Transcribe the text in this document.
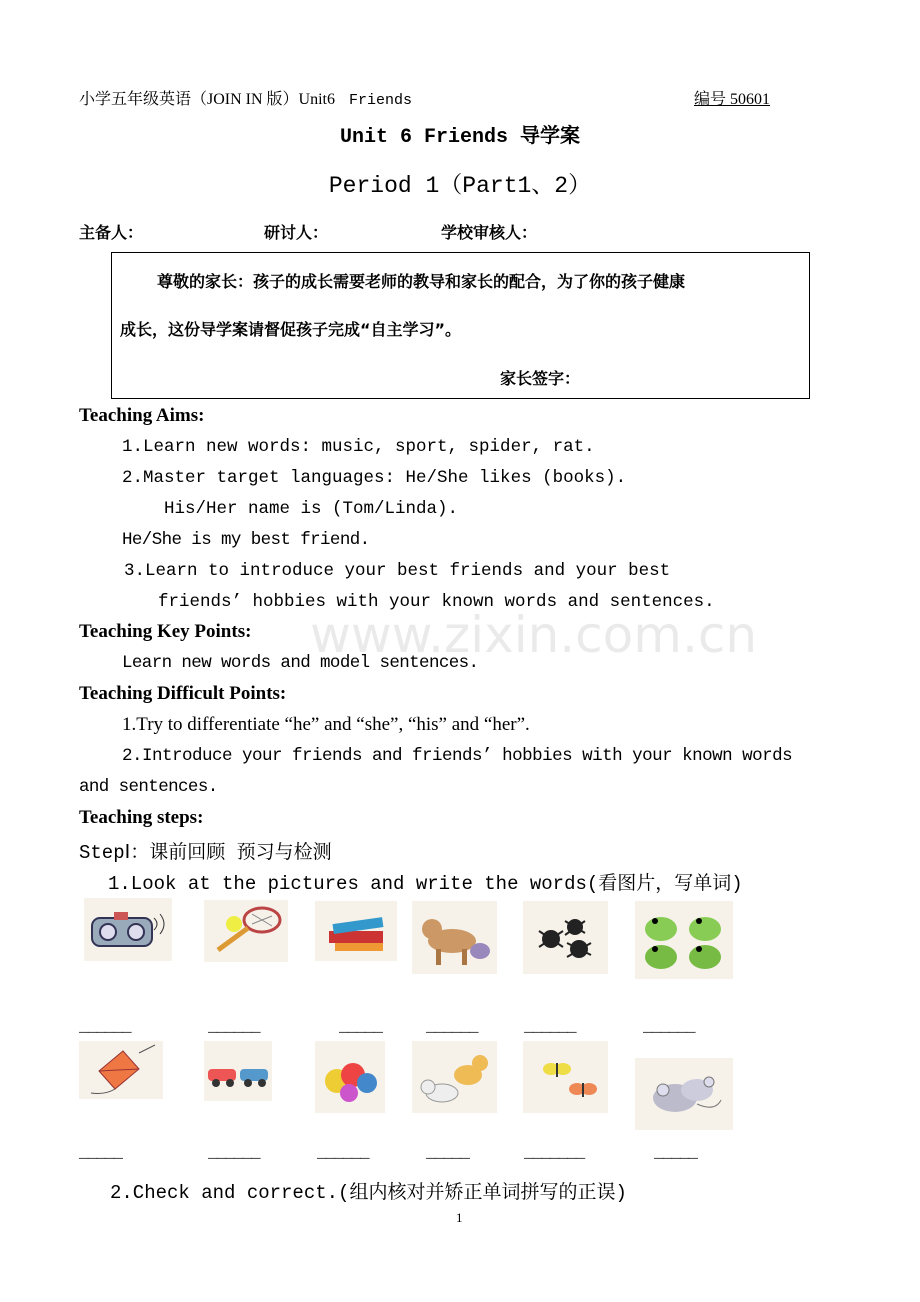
小学五年级英语（JOIN IN 版）Unit6 Friends	编号 50601
Unit 6 Friends 导学案
Period 1（Part1、2）
主备人：	研讨人：	学校审核人：
尊敬的家长：孩子的成长需要老师的教导和家长的配合，为了你的孩子健康
成长，这份导学案请督促孩子完成“自主学习”。
家长签字：
Teaching Aims:
1.Learn new words: music, sport, spider, rat.
2.Master target languages: He/She likes (books).
His/Her name is (Tom/Linda).
He/She is my best friend.
3.Learn to introduce your best friends and your best
friends’ hobbies with your known words and sentences.
www.zixin.com.cn
Teaching Key Points:
Learn new words and model sentences.
Teaching Difficult Points:
1.Try to differentiate “he” and “she”, “his” and “her”.
2.Introduce your friends and friends’ hobbies with your known words
and sentences.
Teaching steps:
StepⅠ：课前回顾 预习与检测
1.Look at the pictures and write the words(看图片，写单词)
______	______	_____	______	______	______
_____	______	______	_____	_______	_____
2.Check and correct.(组内核对并矫正单词拼写的正误)
1
